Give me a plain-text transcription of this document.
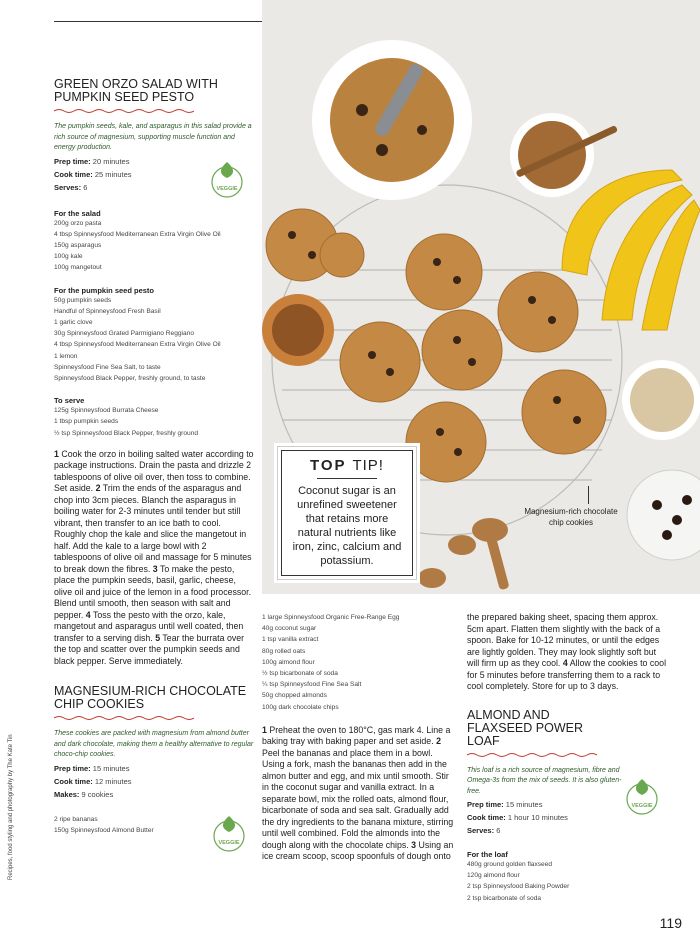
TOP TIP!
Coconut sugar is an unrefined sweetener that retains more natural nutrients like iron, zinc, calcium and potassium.
Magnesium-rich chocolate chip cookies
GREEN ORZO SALAD WITH PUMPKIN SEED PESTO

The pumpkin seeds, kale, and asparagus in this salad provide a rich source of magnesium, supporting muscle function and energy production.

Prep time: 20 minutes
Cook time: 25 minutes
Serves: 6
For the salad
200g orzo pasta
4 tbsp Spinneysfood Mediterranean Extra Virgin Olive Oil
150g asparagus
100g kale
100g mangetout
For the pumpkin seed pesto
50g pumpkin seeds
Handful of Spinneysfood Fresh Basil
1 garlic clove
30g Spinneysfood Grated Parmigiano Reggiano
4 tbsp Spinneysfood Mediterranean Extra Virgin Olive Oil
1 lemon
Spinneysfood Fine Sea Salt, to taste
Spinneysfood Black Pepper, freshly ground, to taste
To serve
125g Spinneysfood Burrata Cheese
1 tbsp pumpkin seeds
½ tsp Spinneysfood Black Pepper, freshly ground

1 Cook the orzo in boiling salted water according to package instructions. Drain the pasta and drizzle 2 tablespoons of olive oil over, then toss to combine. Set aside. 2 Trim the ends of the asparagus and chop into 3cm pieces. Blanch the asparagus in boiling water for 2-3 minutes until tender but still vibrant, then transfer to an ice bath to cool. Roughly chop the kale and slice the mangetout in half. Add the kale to a large bowl with 2 tablespoons of olive oil and massage for 5 minutes to break down the fibres. 3 To make the pesto, place the pumpkin seeds, basil, garlic, cheese, olive oil and juice of the lemon in a food processor. Blend until smooth, then season with salt and pepper. 4 Toss the pesto with the orzo, kale, mangetout and asparagus until well coated, then transfer to a serving dish. 5 Tear the burrata over the top and scatter over the pumpkin seeds and black pepper. Serve immediately.

MAGNESIUM-RICH CHOCOLATE CHIP COOKIES

These cookies are packed with magnesium from almond butter and dark chocolate, making them a healthy alternative to regular choco-chip cookies.

Prep time: 15 minutes
Cook time: 12 minutes
Makes: 9 cookies
2 ripe bananas
150g Spinneysfood Almond Butter
VEGGIE
VEGGIE
VEGGIE
1 large Spinneysfood Organic Free-Range Egg
40g coconut sugar
1 tsp vanilla extract
80g rolled oats
100g almond flour
½ tsp bicarbonate of soda
¼ tsp Spinneysfood Fine Sea Salt
50g chopped almonds
100g dark chocolate chips

1 Preheat the oven to 180°C, gas mark 4. Line a baking tray with baking paper and set aside. 2 Peel the bananas and place them in a bowl. Using a fork, mash the bananas then add in the almon butter and egg, and mix until smooth. Stir in the coconut sugar and vanilla extract. In a separate bowl, mix the rolled oats, almond flour, bicarbonate of soda and sea salt. Gradually add the dry ingredients to the banana mixture, stirring until well combined. Fold the almonds into the dough along with the chocolate chips. 3 Using an ice cream scoop, scoop spoonfuls of dough onto

the prepared baking sheet, spacing them approx. 5cm apart. Flatten them slightly with the back of a spoon. Bake for 10-12 minutes, or until the edges are lightly golden. They may look slightly soft but will firm up as they cool. 4 Allow the cookies to cool for 5 minutes before transferring them to a rack to cool completely. Store for up to 3 days.

ALMOND AND FLAXSEED POWER LOAF

This loaf is a rich source of magnesium, fibre and Omega-3s from the mix of seeds. It is also gluten-free.

Prep time: 15 minutes
Cook time: 1 hour 10 minutes
Serves: 6
For the loaf
480g ground golden flaxseed
120g almond flour
2 tsp Spinneysfood Baking Powder
2 tsp bicarbonate of soda
Recipes, food styling and photography by The Kate Tin
119
